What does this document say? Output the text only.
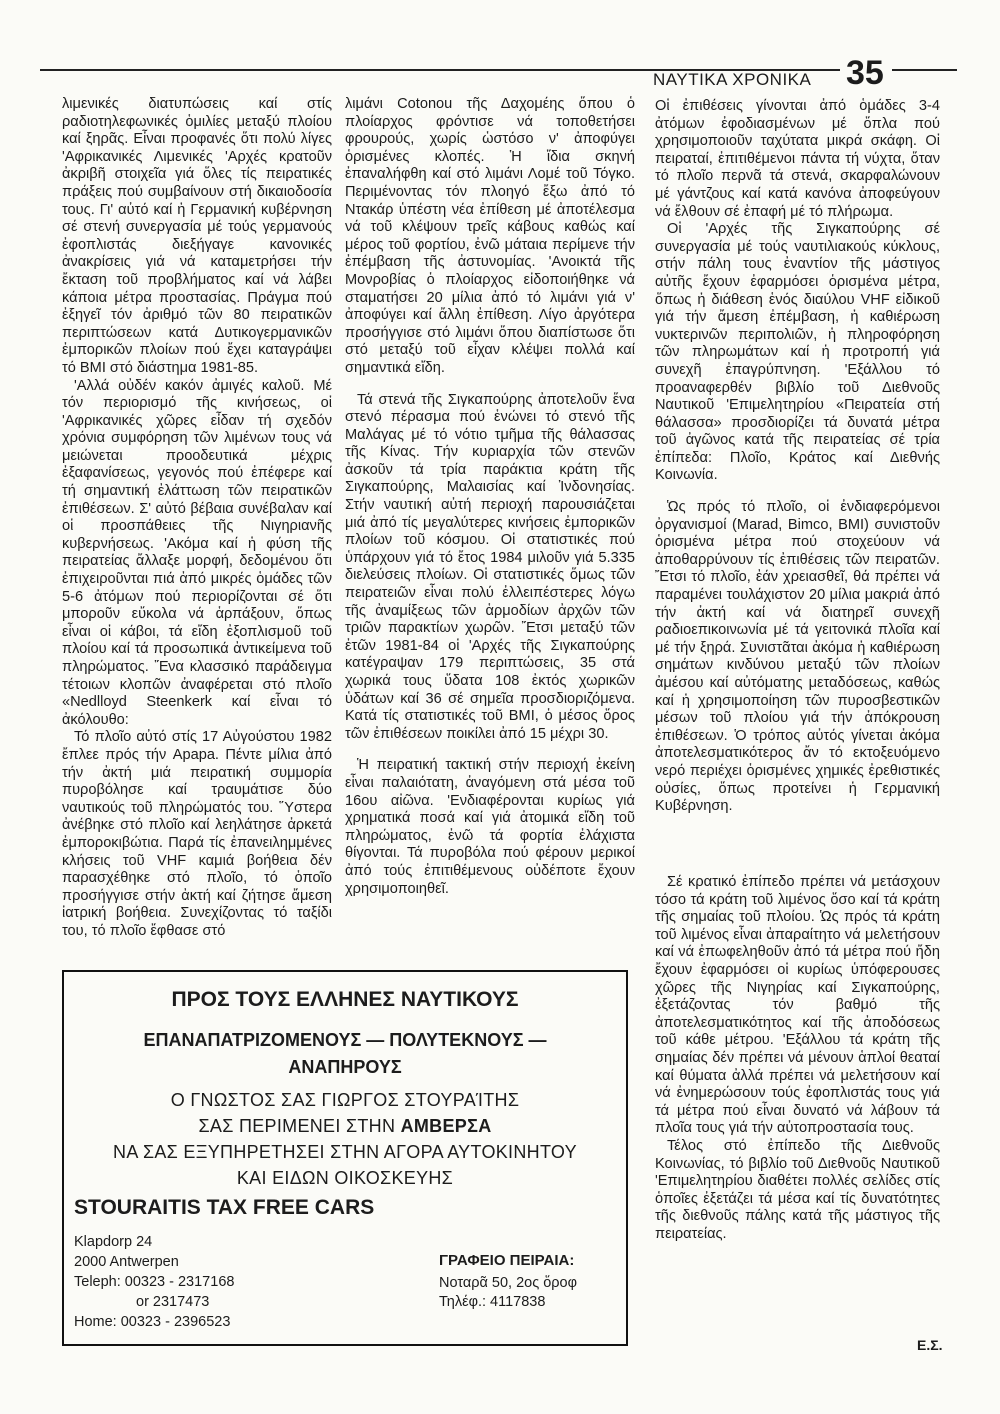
ΝΑΥΤΙΚΑ ΧΡΟΝΙΚΑ 35

λιμενικές διατυπώσεις καί στίς ραδιοτηλεφωνικές ὁμιλίες μεταξύ πλοίου καί ξηρᾶς. Εἶναι προφανές ὅτι πολύ λίγες 'Αφρικανικές Λιμενικές 'Αρχές κρατοῦν ἀκριβῆ στοιχεῖα γιά ὅλες τίς πειρατικές πράξεις πού συμβαίνουν στή δικαιοδοσία τους. Γι' αὐτό καί ἡ Γερμανική κυβέρνηση σέ στενή συνεργασία μέ τούς γερμανούς ἐφοπλιστάς διεξήγαγε κανονικές ἀνακρίσεις γιά νά καταμετρήσει τήν ἔκταση τοῦ προβλήματος καί νά λάβει κάποια μέτρα προστασίας. Πράγμα πού ἐξηγεῖ τόν ἀριθμό τῶν 80 πειρατικῶν περιπτώσεων κατά Δυτικογερμανικῶν ἐμπορικῶν πλοίων πού ἔχει καταγράψει τό ΒΜΙ στό διάστημα 1981-85.

'Αλλά οὐδέν κακόν ἀμιγές καλοῦ. Μέ τόν περιορισμό τῆς κινήσεως, οἱ 'Αφρικανικές χῶρες εἶδαν τή σχεδόν χρόνια συμφόρηση τῶν λιμένων τους νά μειώνεται προοδευτικά μέχρις ἐξαφανίσεως, γεγονός πού ἐπέφερε καί τή σημαντική ἐλάττωση τῶν πειρατικῶν ἐπιθέσεων. Σ' αὐτό βέβαια συνέβαλαν καί οἱ προσπάθειες τῆς Νιγηριανῆς κυβερνήσεως. 'Ακόμα καί ἡ φύση τῆς πειρατείας ἄλλαξε μορφή, δεδομένου ὅτι ἐπιχειροῦνται πιά ἀπό μικρές ὁμάδες τῶν 5-6 ἀτόμων πού περιορίζονται σέ ὅτι μποροῦν εὔκολα νά ἁρπάξουν, ὅπως εἶναι οἱ κάβοι, τά εἴδη ἐξοπλισμοῦ τοῦ πλοίου καί τά προσωπικά ἀντικείμενα τοῦ πληρώματος. Ἕνα κλασσικό παράδειγμα τέτοιων κλοπῶν ἀναφέρεται στό πλοῖο «Nedlloyd Steenkerk καί εἶναι τό ἀκόλουθο:

Τό πλοῖο αὐτό στίς 17 Αὐγούστου 1982 ἔπλεε πρός τήν Apapa. Πέντε μίλια ἀπό τήν ἀκτή μιά πειρατική συμμορία πυροβόλησε καί τραυμάτισε δύο ναυτικούς τοῦ πληρώματός του. Ὕστερα ἀνέβηκε στό πλοῖο καί λεηλάτησε ἀρκετά ἐμποροκιβώτια. Παρά τίς ἐπανειλημμένες κλήσεις τοῦ VHF καμιά βοήθεια δέν παρασχέθηκε στό πλοῖο, τό ὁποῖο προσήγγισε στήν ἀκτή καί ζήτησε ἄμεση ἰατρική βοήθεια. Συνεχίζοντας τό ταξίδι του, τό πλοῖο ἔφθασε στό

λιμάνι Cotonou τῆς Δαχομέης ὅπου ὁ πλοίαρχος φρόντισε νά τοποθετήσει φρουρούς, χωρίς ὡστόσο ν' ἀποφύγει ὁρισμένες κλοπές. Ἡ ἴδια σκηνή ἐπαναλήφθη καί στό λιμάνι Λομέ τοῦ Τόγκο. Περιμένοντας τόν πλοηγό ἔξω ἀπό τό Ντακάρ ὑπέστη νέα ἐπίθεση μέ ἀποτέλεσμα νά τοῦ κλέψουν τρεῖς κάβους καθώς καί μέρος τοῦ φορτίου, ἐνῶ μάταια περίμενε τήν ἐπέμβαση τῆς ἀστυνομίας. 'Ανοικτά τῆς Μονροβίας ὁ πλοίαρχος εἰδοποιήθηκε νά σταματήσει 20 μίλια ἀπό τό λιμάνι γιά ν' ἀποφύγει καί ἄλλη ἐπίθεση. Λίγο ἀργότερα προσήγγισε στό λιμάνι ὅπου διαπίστωσε ὅτι στό μεταξύ τοῦ εἶχαν κλέψει πολλά καί σημαντικά εἴδη.

Τά στενά τῆς Σιγκαπούρης ἀποτελοῦν ἕνα στενό πέρασμα πού ἑνώνει τό στενό τῆς Μαλάγας μέ τό νότιο τμῆμα τῆς θάλασσας τῆς Κίνας. Τήν κυριαρχία τῶν στενῶν ἀσκοῦν τά τρία παράκτια κράτη τῆς Σιγκαπούρης, Μαλαισίας καί Ἰνδονησίας. Στήν ναυτική αὐτή περιοχή παρουσιάζεται μιά ἀπό τίς μεγαλύτερες κινήσεις ἐμπορικῶν πλοίων τοῦ κόσμου. Οἱ στατιστικές πού ὑπάρχουν γιά τό ἔτος 1984 μιλοῦν γιά 5.335 διελεύσεις πλοίων. Οἱ στατιστικές ὅμως τῶν πειρατειῶν εἶναι πολύ ἐλλειπέστερες λόγω τῆς ἀναμίξεως τῶν ἁρμοδίων ἀρχῶν τῶν τριῶν παρακτίων χωρῶν. Ἔτσι μεταξύ τῶν ἐτῶν 1981-84 οἱ 'Αρχές τῆς Σιγκαπούρης κατέγραψαν 179 περιπτώσεις, 35 στά χωρικά τους ὕδατα 108 ἐκτός χωρικῶν ὑδάτων καί 36 σέ σημεῖα προσδιοριζόμενα. Κατά τίς στατιστικές τοῦ ΒΜΙ, ὁ μέσος ὅρος τῶν ἐπιθέσεων ποικίλει ἀπό 15 μέχρι 30.

Ἡ πειρατική τακτική στήν περιοχή ἐκείνη εἶναι παλαιότατη, ἀναγόμενη στά μέσα τοῦ 16ου αἰῶνα. 'Ενδιαφέρονται κυρίως γιά χρηματικά ποσά καί γιά ἀτομικά εἴδη τοῦ πληρώματος, ἐνῶ τά φορτία ἐλάχιστα θίγονται. Τά πυροβόλα πού φέρουν μερικοί ἀπό τούς ἐπιτιθέμενους οὐδέποτε ἔχουν χρησιμοποιηθεῖ.

Οἱ ἐπιθέσεις γίνονται ἀπό ὁμάδες 3-4 ἀτόμων ἐφοδιασμένων μέ ὅπλα πού χρησιμοποιοῦν ταχύτατα μικρά σκάφη. Οἱ πειραταί, ἐπιτιθέμενοι πάντα τή νύχτα, ὅταν τό πλοῖο περνᾶ τά στενά, σκαρφαλώνουν μέ γάντζους καί κατά κανόνα ἀποφεύγουν νά ἔλθουν σέ ἐπαφή μέ τό πλήρωμα.

Οἱ 'Αρχές τῆς Σιγκαπούρης σέ συνεργασία μέ τούς ναυτιλιακούς κύκλους, στήν πάλη τους ἐναντίον τῆς μάστιγος αὐτῆς ἔχουν ἐφαρμόσει ὁρισμένα μέτρα, ὅπως ἡ διάθεση ἑνός διαύλου VHF εἰδικοῦ γιά τήν ἄμεση ἐπέμβαση, ἡ καθιέρωση νυκτερινῶν περιπολιῶν, ἡ πληροφόρηση τῶν πληρωμάτων καί ἡ προτροπή γιά συνεχῆ ἐπαγρύπνηση. 'Εξάλλου τό προαναφερθέν βιβλίο τοῦ Διεθνοῦς Ναυτικοῦ 'Επιμελητηρίου «Πειρατεία στή θάλασσα» προσδιορίζει τά δυνατά μέτρα τοῦ ἀγῶνος κατά τῆς πειρατείας σέ τρία ἐπίπεδα: Πλοῖο, Κράτος καί Διεθνής Κοινωνία.

Ὡς πρός τό πλοῖο, οἱ ἐνδιαφερόμενοι ὀργανισμοί (Marad, Bimco, BMI) συνιστοῦν ὁρισμένα μέτρα πού στοχεύουν νά ἀποθαρρύνουν τίς ἐπιθέσεις τῶν πειρατῶν. Ἔτσι τό πλοῖο, ἐάν χρειασθεῖ, θά πρέπει νά παραμένει τουλάχιστον 20 μίλια μακριά ἀπό τήν ἀκτή καί νά διατηρεῖ συνεχῆ ραδιοεπικοινωνία μέ τά γειτονικά πλοῖα καί μέ τήν ξηρά. Συνιστᾶται ἀκόμα ἡ καθιέρωση σημάτων κινδύνου μεταξύ τῶν πλοίων ἀμέσου καί αὐτόματης μεταδόσεως, καθώς καί ἡ χρησιμοποίηση τῶν πυροσβεστικῶν μέσων τοῦ πλοίου γιά τήν ἀπόκρουση ἐπιθέσεων. Ὁ τρόπος αὐτός γίνεται ἀκόμα ἀποτελεσματικότερος ἄν τό εκτοξευόμενο νερό περιέχει ὁρισμένες χημικές ἐρεθιστικές οὐσίες, ὅπως προτείνει ἡ Γερμανική Κυβέρνηση.

Σέ κρατικό ἐπίπεδο πρέπει νά μετάσχουν τόσο τά κράτη τοῦ λιμένος ὅσο καί τά κράτη τῆς σημαίας τοῦ πλοίου. Ὡς πρός τά κράτη τοῦ λιμένος εἶναι ἀπαραίτητο νά μελετήσουν καί νά ἐπωφεληθοῦν ἀπό τά μέτρα πού ἤδη ἔχουν ἐφαρμόσει οἱ κυρίως ὑπόφερουσες χῶρες τῆς Νιγηρίας καί Σιγκαπούρης, ἐξετάζοντας τόν βαθμό τῆς ἀποτελεσματικότητος καί τῆς ἀποδόσεως τοῦ κάθε μέτρου. 'Εξάλλου τά κράτη τῆς σημαίας δέν πρέπει νά μένουν ἁπλοί θεαταί καί θύματα ἀλλά πρέπει νά μελετήσουν καί νά ἐνημερώσουν τούς ἐφοπλιστάς τους γιά τά μέτρα πού εἶναι δυνατό νά λάβουν τά πλοῖα τους γιά τήν αὐτοπροστασία τους.

Τέλος στό ἐπίπεδο τῆς Διεθνοῦς Κοινωνίας, τό βιβλίο τοῦ Διεθνοῦς Ναυτικοῦ 'Επιμελητηρίου διαθέτει πολλές σελίδες στίς ὁποῖες ἐξετάζει τά μέσα καί τίς δυνατότητες τῆς διεθνοῦς πάλης κατά τῆς μάστιγος τῆς πειρατείας.

Ε.Σ.
ΠΡΟΣ ΤΟΥΣ ΕΛΛΗΝΕΣ ΝΑΥΤΙΚΟΥΣ
ΕΠΑΝΑΠΑΤΡΙΖΟΜΕΝΟΥΣ — ΠΟΛΥΤΕΚΝΟΥΣ —
ΑΝΑΠΗΡΟΥΣ
Ο ΓΝΩΣΤΟΣ ΣΑΣ ΓΙΩΡΓΟΣ ΣΤΟΥΡΑΊΤΗΣ
ΣΑΣ ΠΕΡΙΜΕΝΕΙ ΣΤΗΝ ΑΜΒΕΡΣΑ
ΝΑ ΣΑΣ ΕΞΥΠΗΡΕΤΗΣΕΙ ΣΤΗΝ ΑΓΟΡΑ ΑΥΤΟΚΙΝΗΤΟΥ
ΚΑΙ ΕΙΔΩΝ ΟΙΚΟΣΚΕΥΗΣ
STOURAITIS TAX FREE CARS
Klapdorp 24
2000 Antwerpen
Teleph: 00323 - 2317168
or 2317473
Home: 00323 - 2396523
ΓΡΑΦΕΙΟ ΠΕΙΡΑΙΑ:
Νοταρᾶ 50, 2ος ὅροφ
Τηλέφ.: 4117838
